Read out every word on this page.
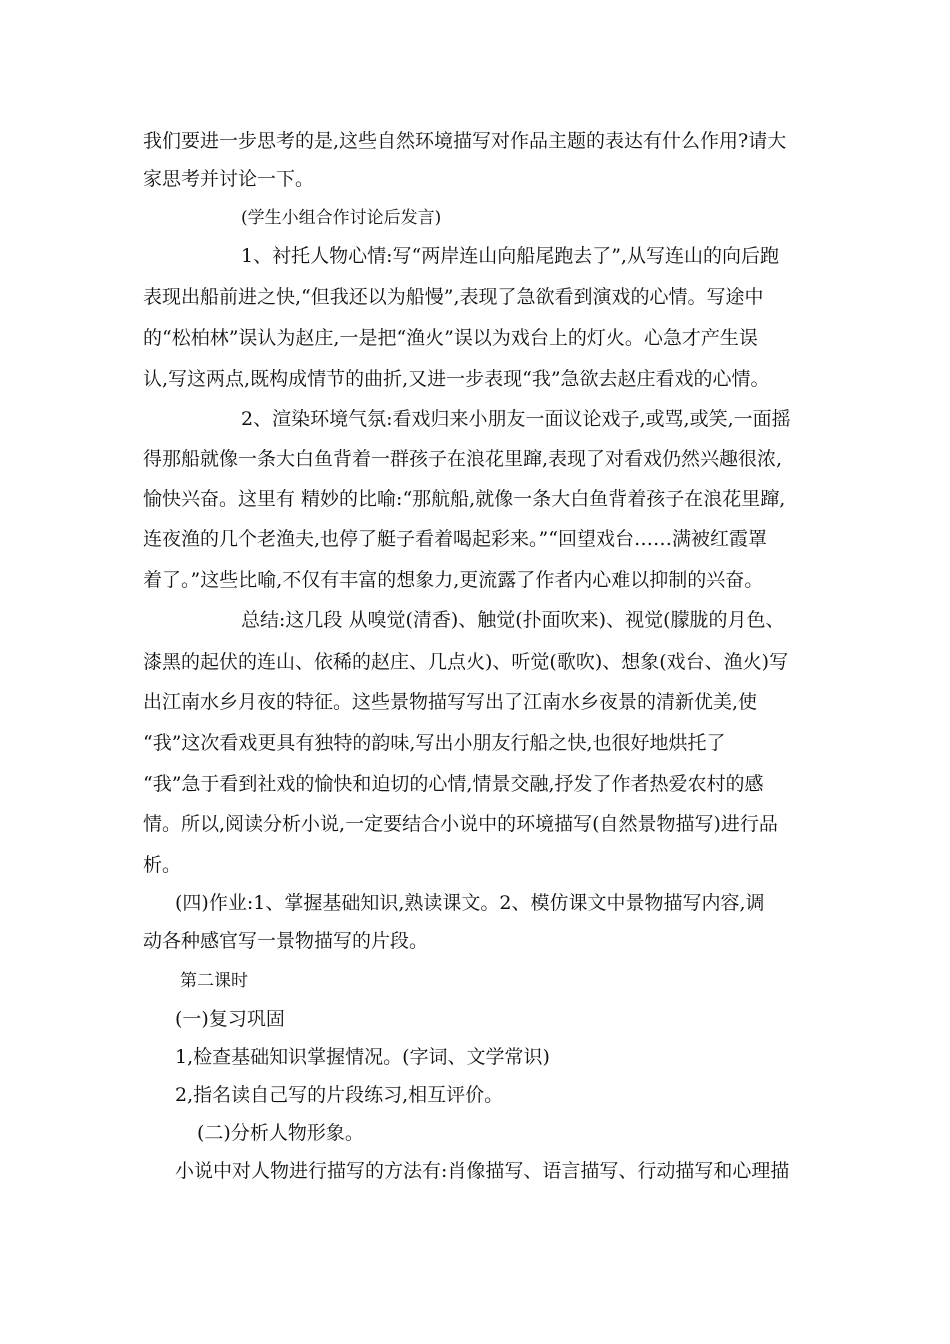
我们要进一步思考的是,这些自然环境描写对作品主题的表达有什么作用?请大
家思考并讨论一下。
(学生小组合作讨论后发言)
1、衬托人物心情:写“两岸连山向船尾跑去了”,从写连山的向后跑
表现出船前进之快,“但我还以为船慢”,表现了急欲看到演戏的心情。写途中
的“松柏林”误认为赵庄,一是把“渔火”误以为戏台上的灯火。心急才产生误
认,写这两点,既构成情节的曲折,又进一步表现“我”急欲去赵庄看戏的心情。
2、渲染环境气氛:看戏归来小朋友一面议论戏子,或骂,或笑,一面摇
得那船就像一条大白鱼背着一群孩子在浪花里蹿,表现了对看戏仍然兴趣很浓,
愉快兴奋。这里有 精妙的比喻:“那航船,就像一条大白鱼背着孩子在浪花里蹿,
连夜渔的几个老渔夫,也停了艇子看着喝起彩来。”“回望戏台……满被红霞罩
着了。”这些比喻,不仅有丰富的想象力,更流露了作者内心难以抑制的兴奋。
总结:这几段 从嗅觉(清香)、触觉(扑面吹来)、视觉(朦胧的月色、
漆黑的起伏的连山、依稀的赵庄、几点火)、听觉(歌吹)、想象(戏台、渔火)写
出江南水乡月夜的特征。这些景物描写写出了江南水乡夜景的清新优美,使
“我”这次看戏更具有独特的韵味,写出小朋友行船之快,也很好地烘托了
“我”急于看到社戏的愉快和迫切的心情,情景交融,抒发了作者热爱农村的感
情。所以,阅读分析小说,一定要结合小说中的环境描写(自然景物描写)进行品
析。
(四)作业:1、掌握基础知识,熟读课文。2、模仿课文中景物描写内容,调
动各种感官写一景物描写的片段。
第二课时
(一)复习巩固
1,检查基础知识掌握情况。(字词、文学常识)
2,指名读自己写的片段练习,相互评价。
(二)分析人物形象。
小说中对人物进行描写的方法有:肖像描写、语言描写、行动描写和心理描
